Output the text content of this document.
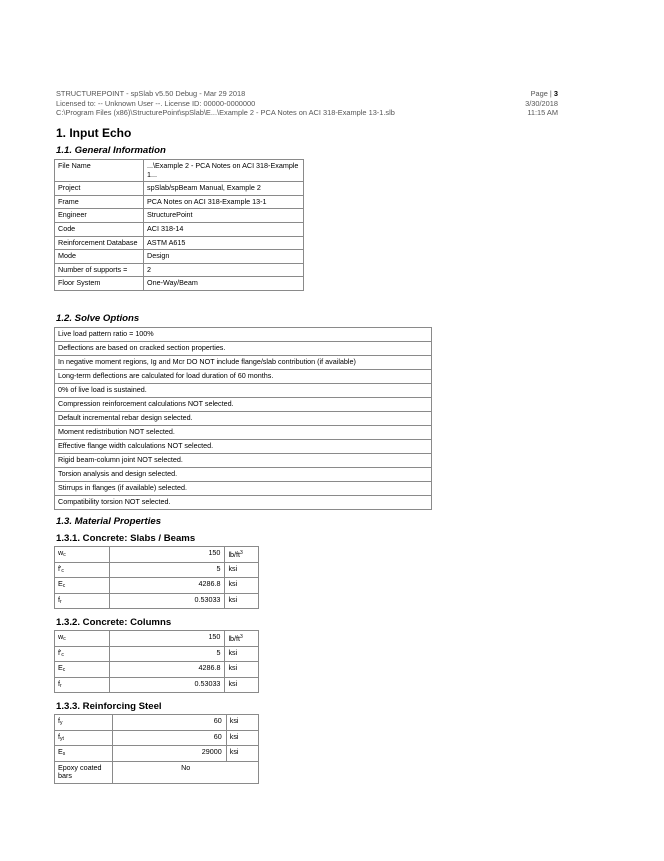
STRUCTUREPOINT - spSlab v5.50 Debug - Mar 29 2018
Licensed to: -- Unknown User --. License ID: 00000-0000000
C:\Program Files (x86)\StructurePoint\spSlab\E...\Example 2 - PCA Notes on ACI 318-Example 13-1.slb
Page | 3
3/30/2018
11:15 AM
1. Input Echo
1.1. General Information
File Name	...\Example 2 - PCA Notes on ACI 318-Example 1...
Project	spSlab/spBeam Manual, Example 2
Frame	PCA Notes on ACI 318-Example 13-1
Engineer	StructurePoint
Code	ACI 318-14
Reinforcement Database	ASTM A615
Mode	Design
Number of supports =	2
Floor System	One-Way/Beam
1.2. Solve Options
Live load pattern ratio = 100%
Deflections are based on cracked section properties.
In negative moment regions, Ig and Mcr DO NOT include flange/slab contribution (if available)
Long-term deflections are calculated for load duration of 60 months.
0% of live load is sustained.
Compression reinforcement calculations NOT selected.
Default incremental rebar design selected.
Moment redistribution NOT selected.
Effective flange width calculations NOT selected.
Rigid beam-column joint NOT selected.
Torsion analysis and design selected.
Stirrups in flanges (if available) selected.
Compatibility torsion NOT selected.
1.3. Material Properties
1.3.1. Concrete: Slabs / Beams
$w_c$	150	$lb/ft^3$
$f'_c$	5	ksi
$E_c$	4286.8	ksi
$f_r$	0.53033	ksi
1.3.2. Concrete: Columns
$w_c$	150	$lb/ft^3$
$f'_c$	5	ksi
$E_c$	4286.8	ksi
$f_r$	0.53033	ksi
1.3.3. Reinforcing Steel
$f_y$	60	ksi
$f_{yt}$	60	ksi
$E_s$	29000	ksi
Epoxy coated bars	No	
